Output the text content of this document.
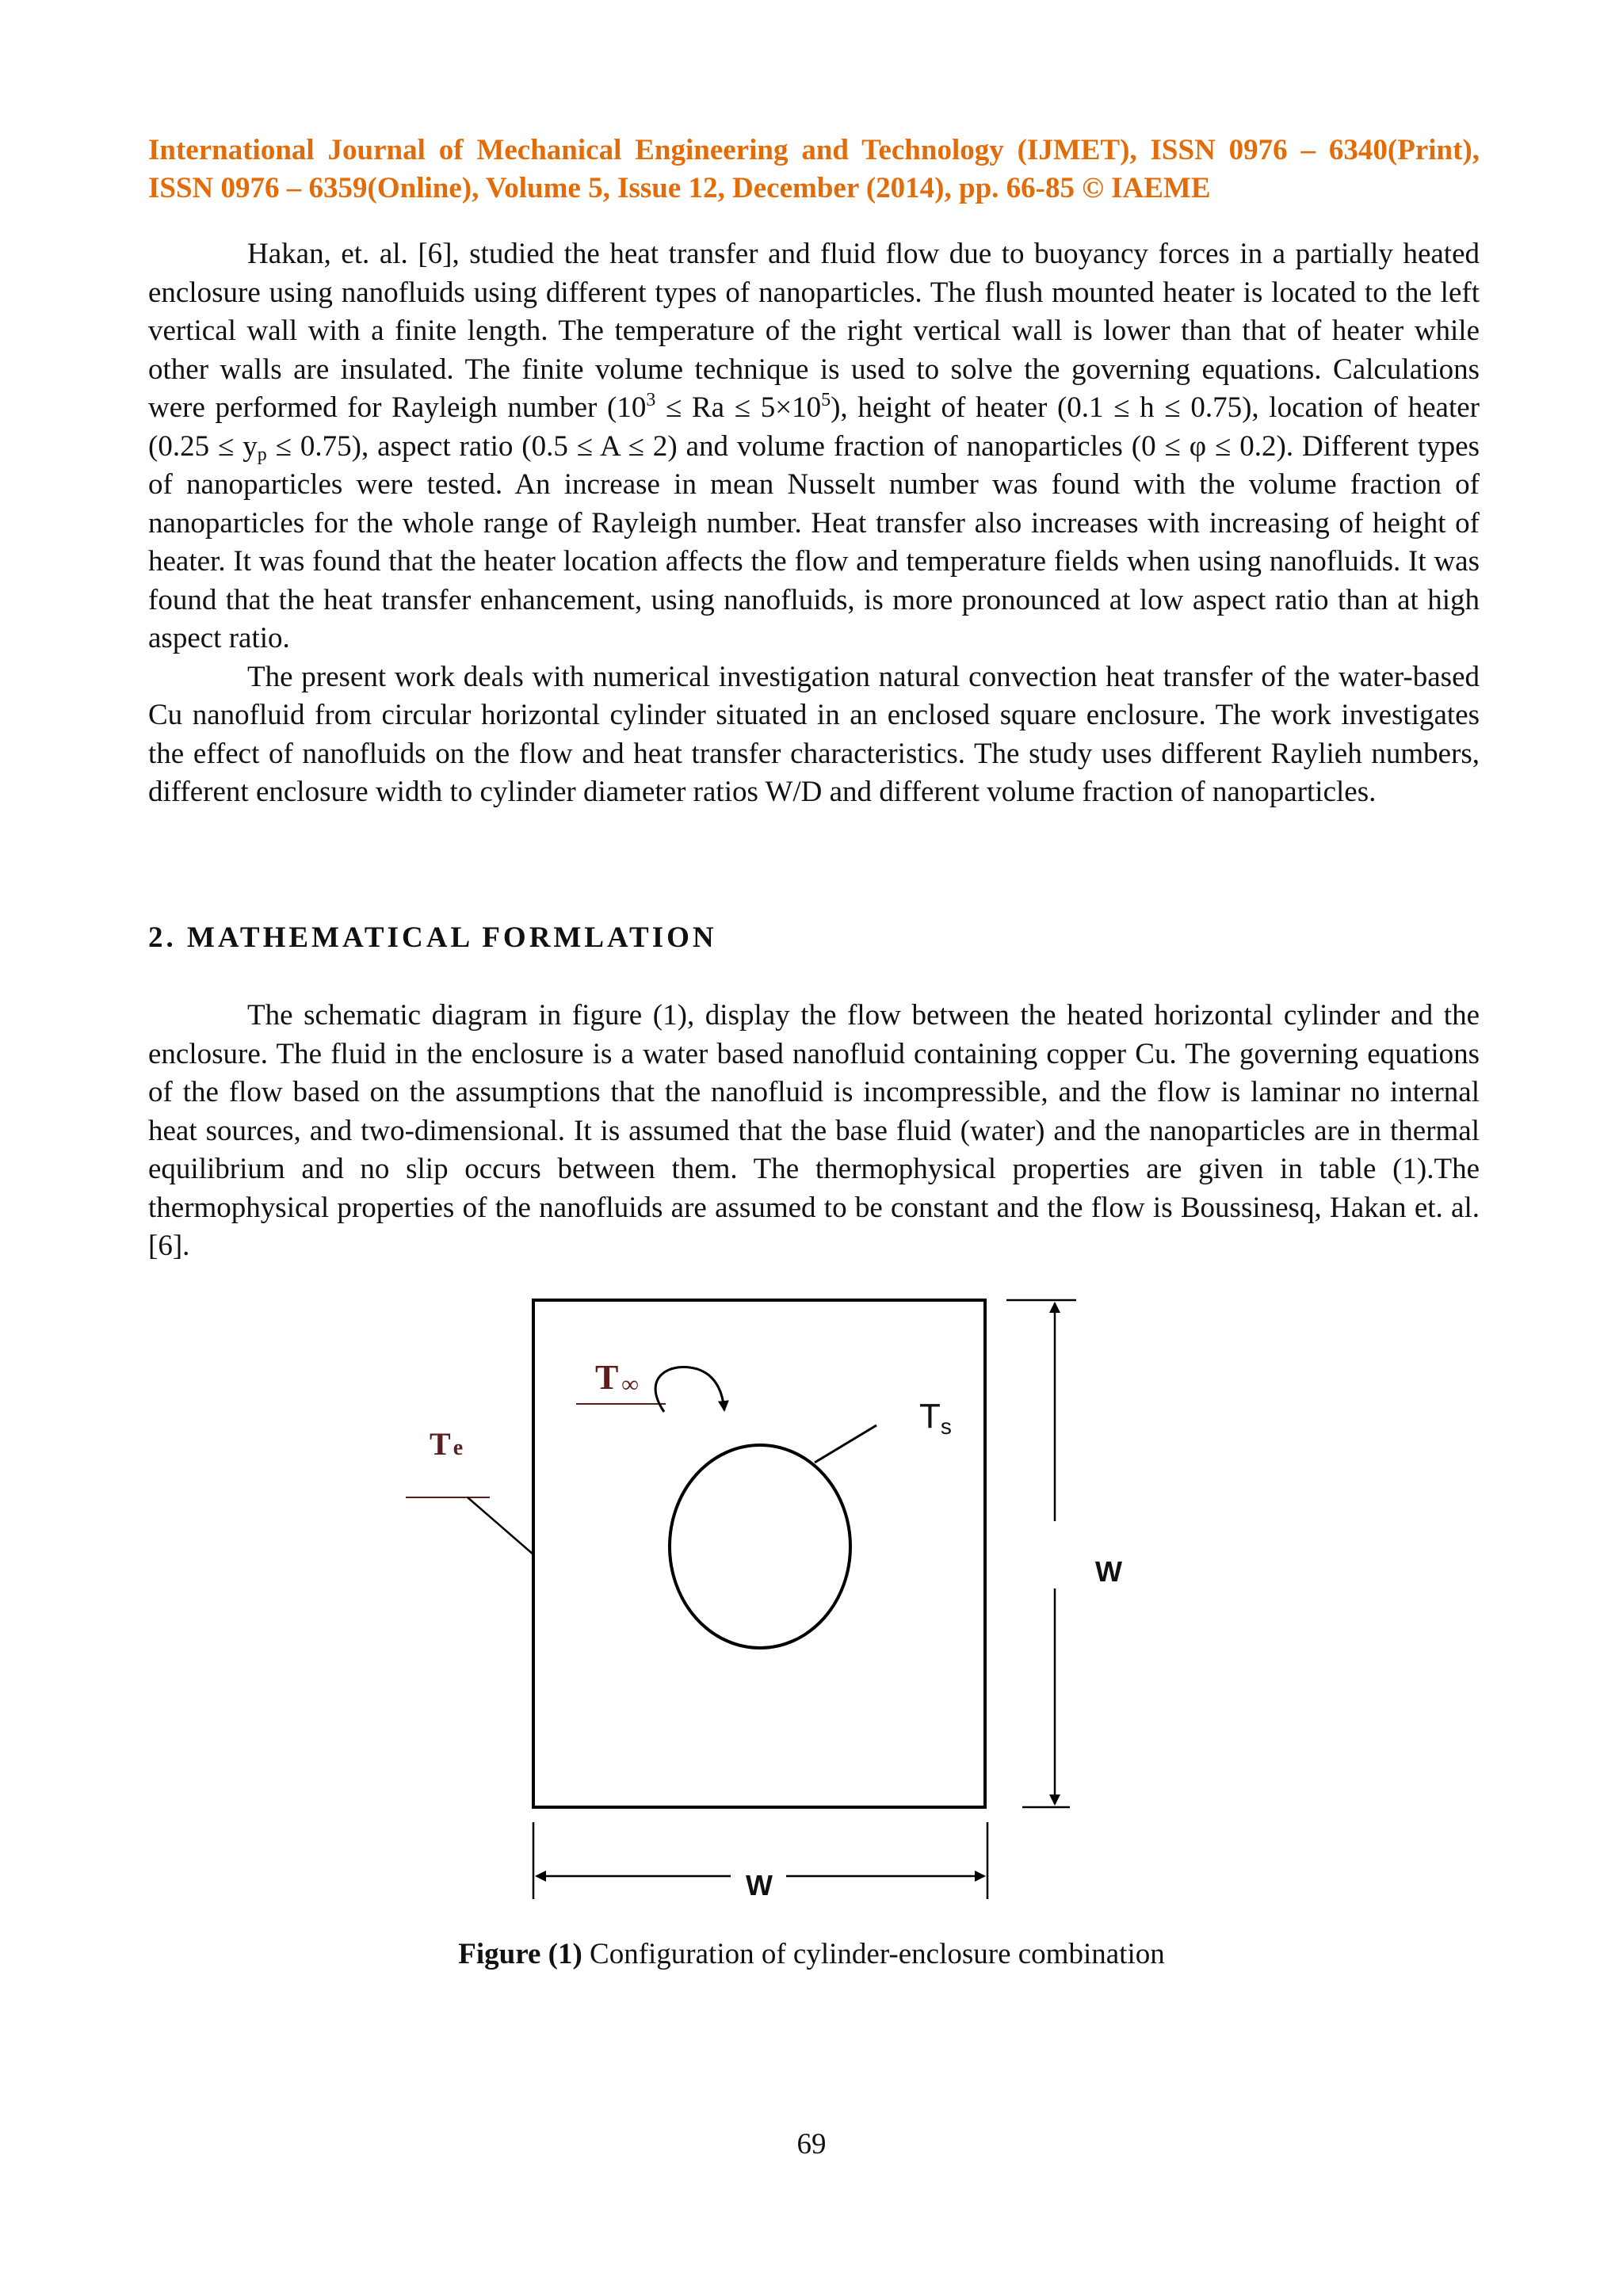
International Journal of Mechanical Engineering and Technology (IJMET), ISSN 0976 – 6340(Print),
ISSN 0976 – 6359(Online), Volume 5, Issue 12, December (2014), pp. 66-85 © IAEME

Hakan, et. al. [6], studied the heat transfer and fluid flow due to buoyancy forces in a partially heated enclosure using nanofluids using different types of nanoparticles. The flush mounted heater is located to the left vertical wall with a finite length. The temperature of the right vertical wall is lower than that of heater while other walls are insulated. The finite volume technique is used to solve the governing equations. Calculations were performed for Rayleigh number $(10^3 \le Ra \le 5\times 10^5)$, height of heater (0.1 ≤ h ≤ 0.75), location of heater $(0.25 \le y_p \le 0.75)$, aspect ratio (0.5 ≤ A ≤ 2) and volume fraction of nanoparticles (0 ≤ φ ≤ 0.2). Different types of nanoparticles were tested. An increase in mean Nusselt number was found with the volume fraction of nanoparticles for the whole range of Rayleigh number. Heat transfer also increases with increasing of height of heater. It was found that the heater location affects the flow and temperature fields when using nanofluids. It was found that the heat transfer enhancement, using nanofluids, is more pronounced at low aspect ratio than at high aspect ratio.

The present work deals with numerical investigation natural convection heat transfer of the water-based Cu nanofluid from circular horizontal cylinder situated in an enclosed square enclosure. The work investigates the effect of nanofluids on the flow and heat transfer characteristics. The study uses different Raylieh numbers, different enclosure width to cylinder diameter ratios W/D and different volume fraction of nanoparticles.

2. MATHEMATICAL FORMLATION

The schematic diagram in figure (1), display the flow between the heated horizontal cylinder and the enclosure. The fluid in the enclosure is a water based nanofluid containing copper Cu. The governing equations of the flow based on the assumptions that the nanofluid is incompressible, and the flow is laminar no internal heat sources, and two-dimensional. It is assumed that the base fluid (water) and the nanoparticles are in thermal equilibrium and no slip occurs between them. The thermophysical properties are given in table (1).The thermophysical properties of the nanofluids are assumed to be constant and the flow is Boussinesq, Hakan et. al.[6].

T e
T ∞
Ts
W
W
Figure (1) Configuration of cylinder-enclosure combination
69
